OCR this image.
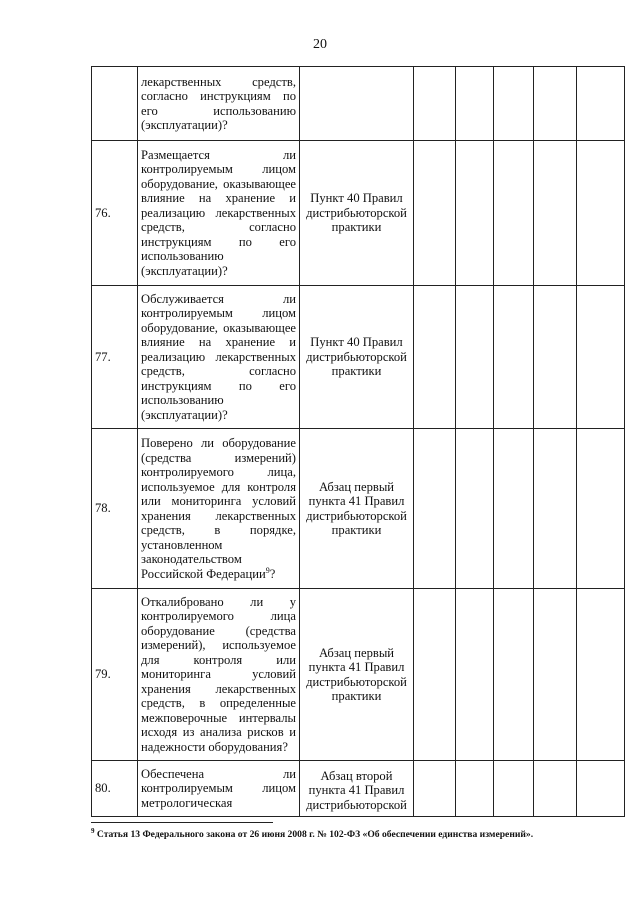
20

	лекарственных средств, согласно инструкциям по его использованию (эксплуатации)?						

76.	Размещается ли контролируемым лицом оборудование, оказывающее влияние на хранение и реализацию лекарственных средств, согласно инструкциям по его использованию (эксплуатации)?	Пункт 40 Правил дистрибьюторской практики					
77.	Обслуживается ли контролируемым лицом оборудование, оказывающее влияние на хранение и реализацию лекарственных средств, согласно инструкциям по его использованию (эксплуатации)?	Пункт 40 Правил дистрибьюторской практики					
78.	Поверено ли оборудование (средства измерений) контролируемого лица, используемое для контроля или мониторинга условий хранения лекарственных средств, в порядке, установленном законодательством Российской Федерации$^9$?	Абзац первый пункта 41 Правил дистрибьюторской практики					
79.	Откалибровано ли у контролируемого лица оборудование (средства измерений), используемое для контроля или мониторинга условий хранения лекарственных средств, в определенные межповерочные интервалы исходя из анализа рисков и надежности оборудования?	Абзац первый пункта 41 Правил дистрибьюторской практики					
80.	Обеспечена ли контролируемым лицом метрологическая	Абзац второй пункта 41 Правил дистрибьюторской					
$^9$ Статья 13 Федерального закона от 26 июня 2008 г. № 102-ФЗ «Об обеспечении единства измерений».
